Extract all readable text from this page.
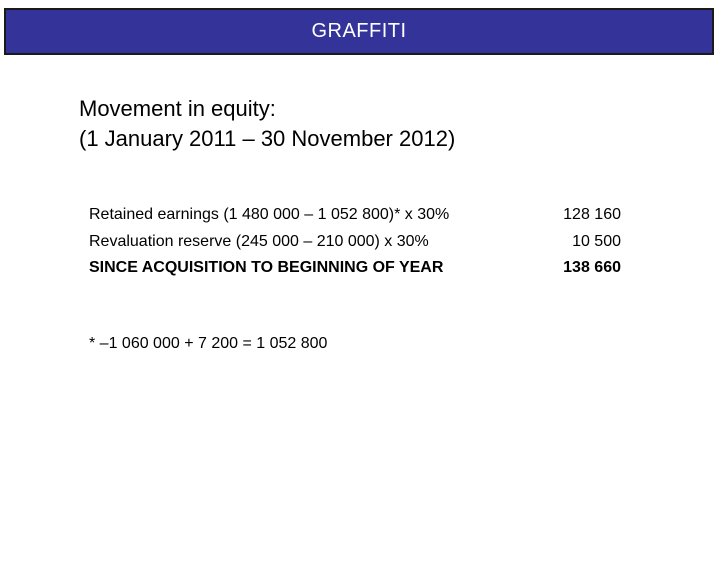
GRAFFITI
Movement in equity:
(1 January 2011 – 30 November 2012)
Retained earnings (1 480 000 – 1 052 800)* x 30%	128 160
Revaluation reserve (245 000 – 210 000) x 30%	10 500
SINCE ACQUISITION TO BEGINNING OF YEAR	138 660
* –1 060 000 + 7 200 = 1 052 800
